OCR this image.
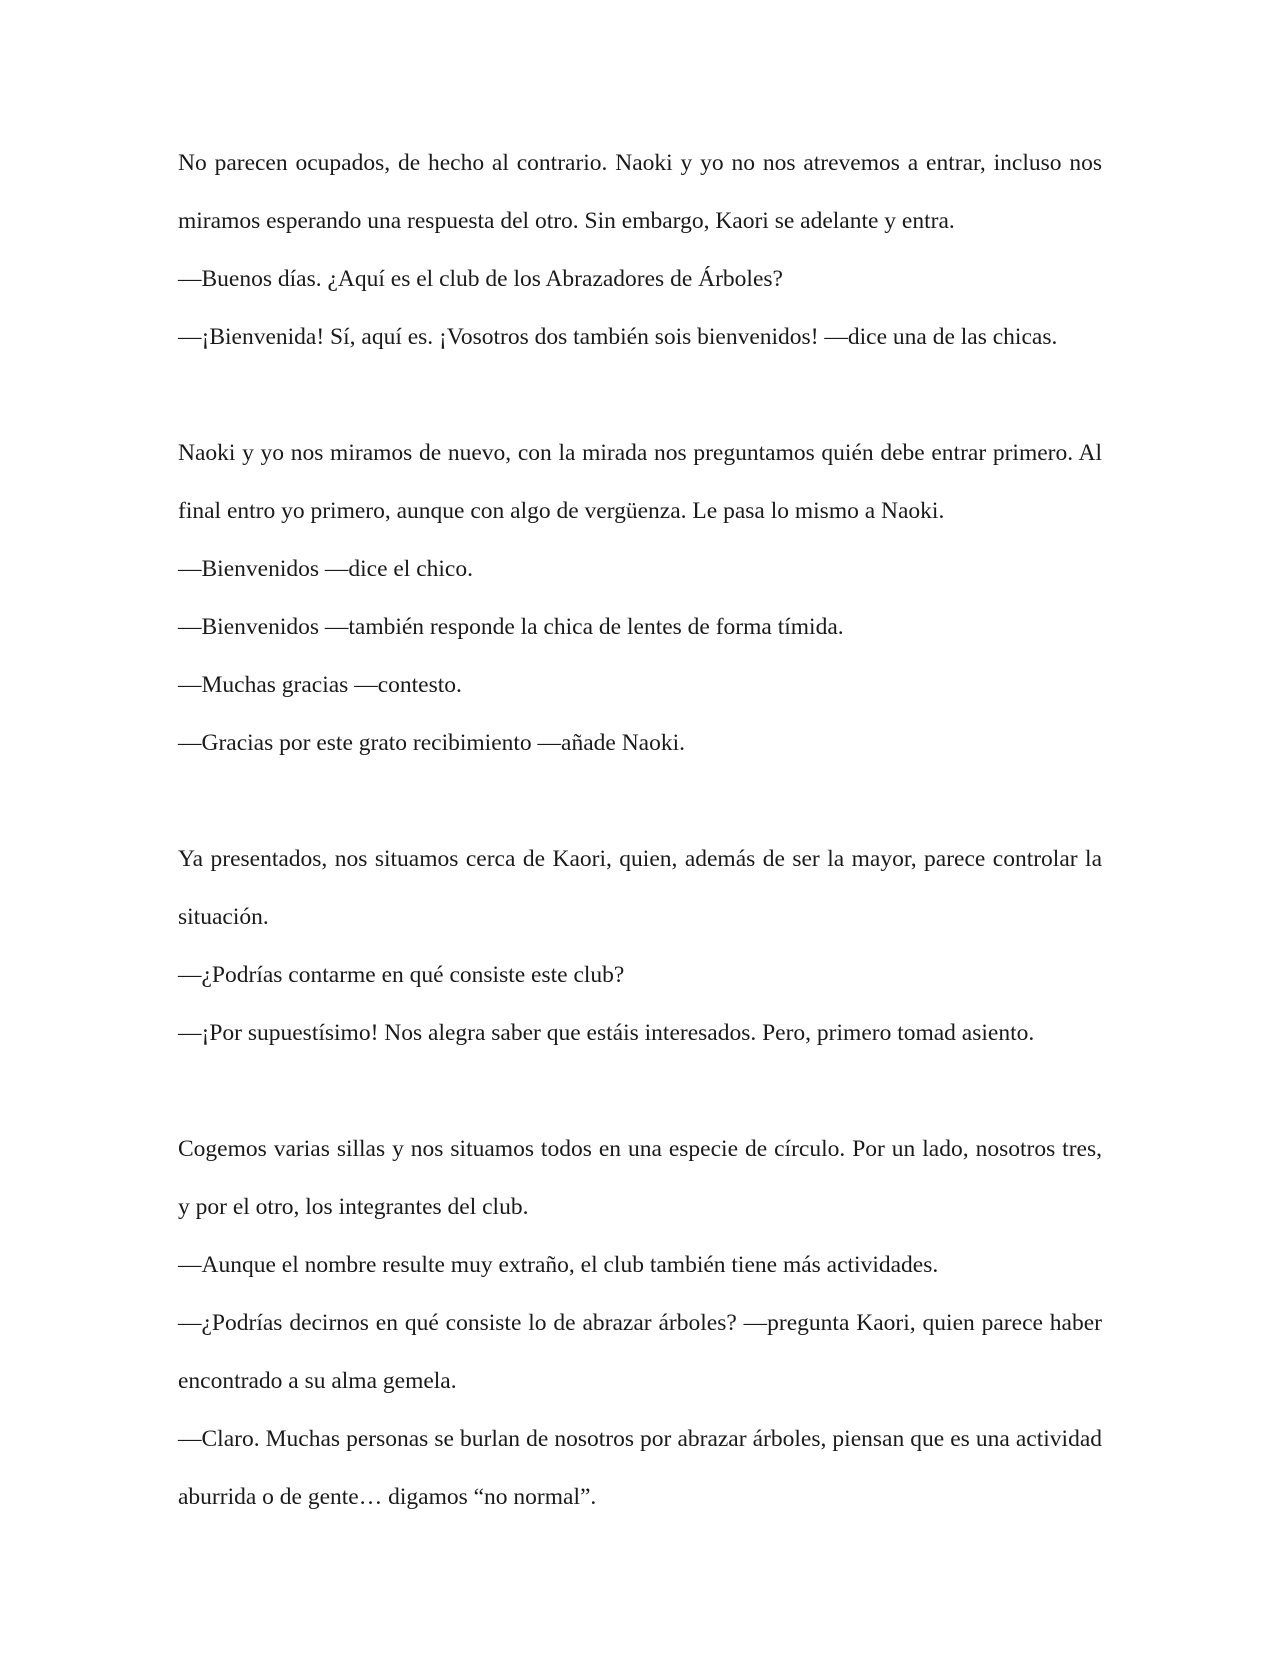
No parecen ocupados, de hecho al contrario. Naoki y yo no nos atrevemos a entrar, incluso nos miramos esperando una respuesta del otro. Sin embargo, Kaori se adelante y entra.

—Buenos días. ¿Aquí es el club de los Abrazadores de Árboles?

—¡Bienvenida! Sí, aquí es. ¡Vosotros dos también sois bienvenidos! —dice una de las chicas.

Naoki y yo nos miramos de nuevo, con la mirada nos preguntamos quién debe entrar primero. Al final entro yo primero, aunque con algo de vergüenza. Le pasa lo mismo a Naoki.

—Bienvenidos —dice el chico.

—Bienvenidos —también responde la chica de lentes de forma tímida.

—Muchas gracias —contesto.

—Gracias por este grato recibimiento —añade Naoki.

Ya presentados, nos situamos cerca de Kaori, quien, además de ser la mayor, parece controlar la situación.

—¿Podrías contarme en qué consiste este club?

—¡Por supuestísimo! Nos alegra saber que estáis interesados. Pero, primero tomad asiento.

Cogemos varias sillas y nos situamos todos en una especie de círculo. Por un lado, nosotros tres, y por el otro, los integrantes del club.

—Aunque el nombre resulte muy extraño, el club también tiene más actividades.

—¿Podrías decirnos en qué consiste lo de abrazar árboles? —pregunta Kaori, quien parece haber encontrado a su alma gemela.

—Claro. Muchas personas se burlan de nosotros por abrazar árboles, piensan que es una actividad aburrida o de gente… digamos “no normal”.
